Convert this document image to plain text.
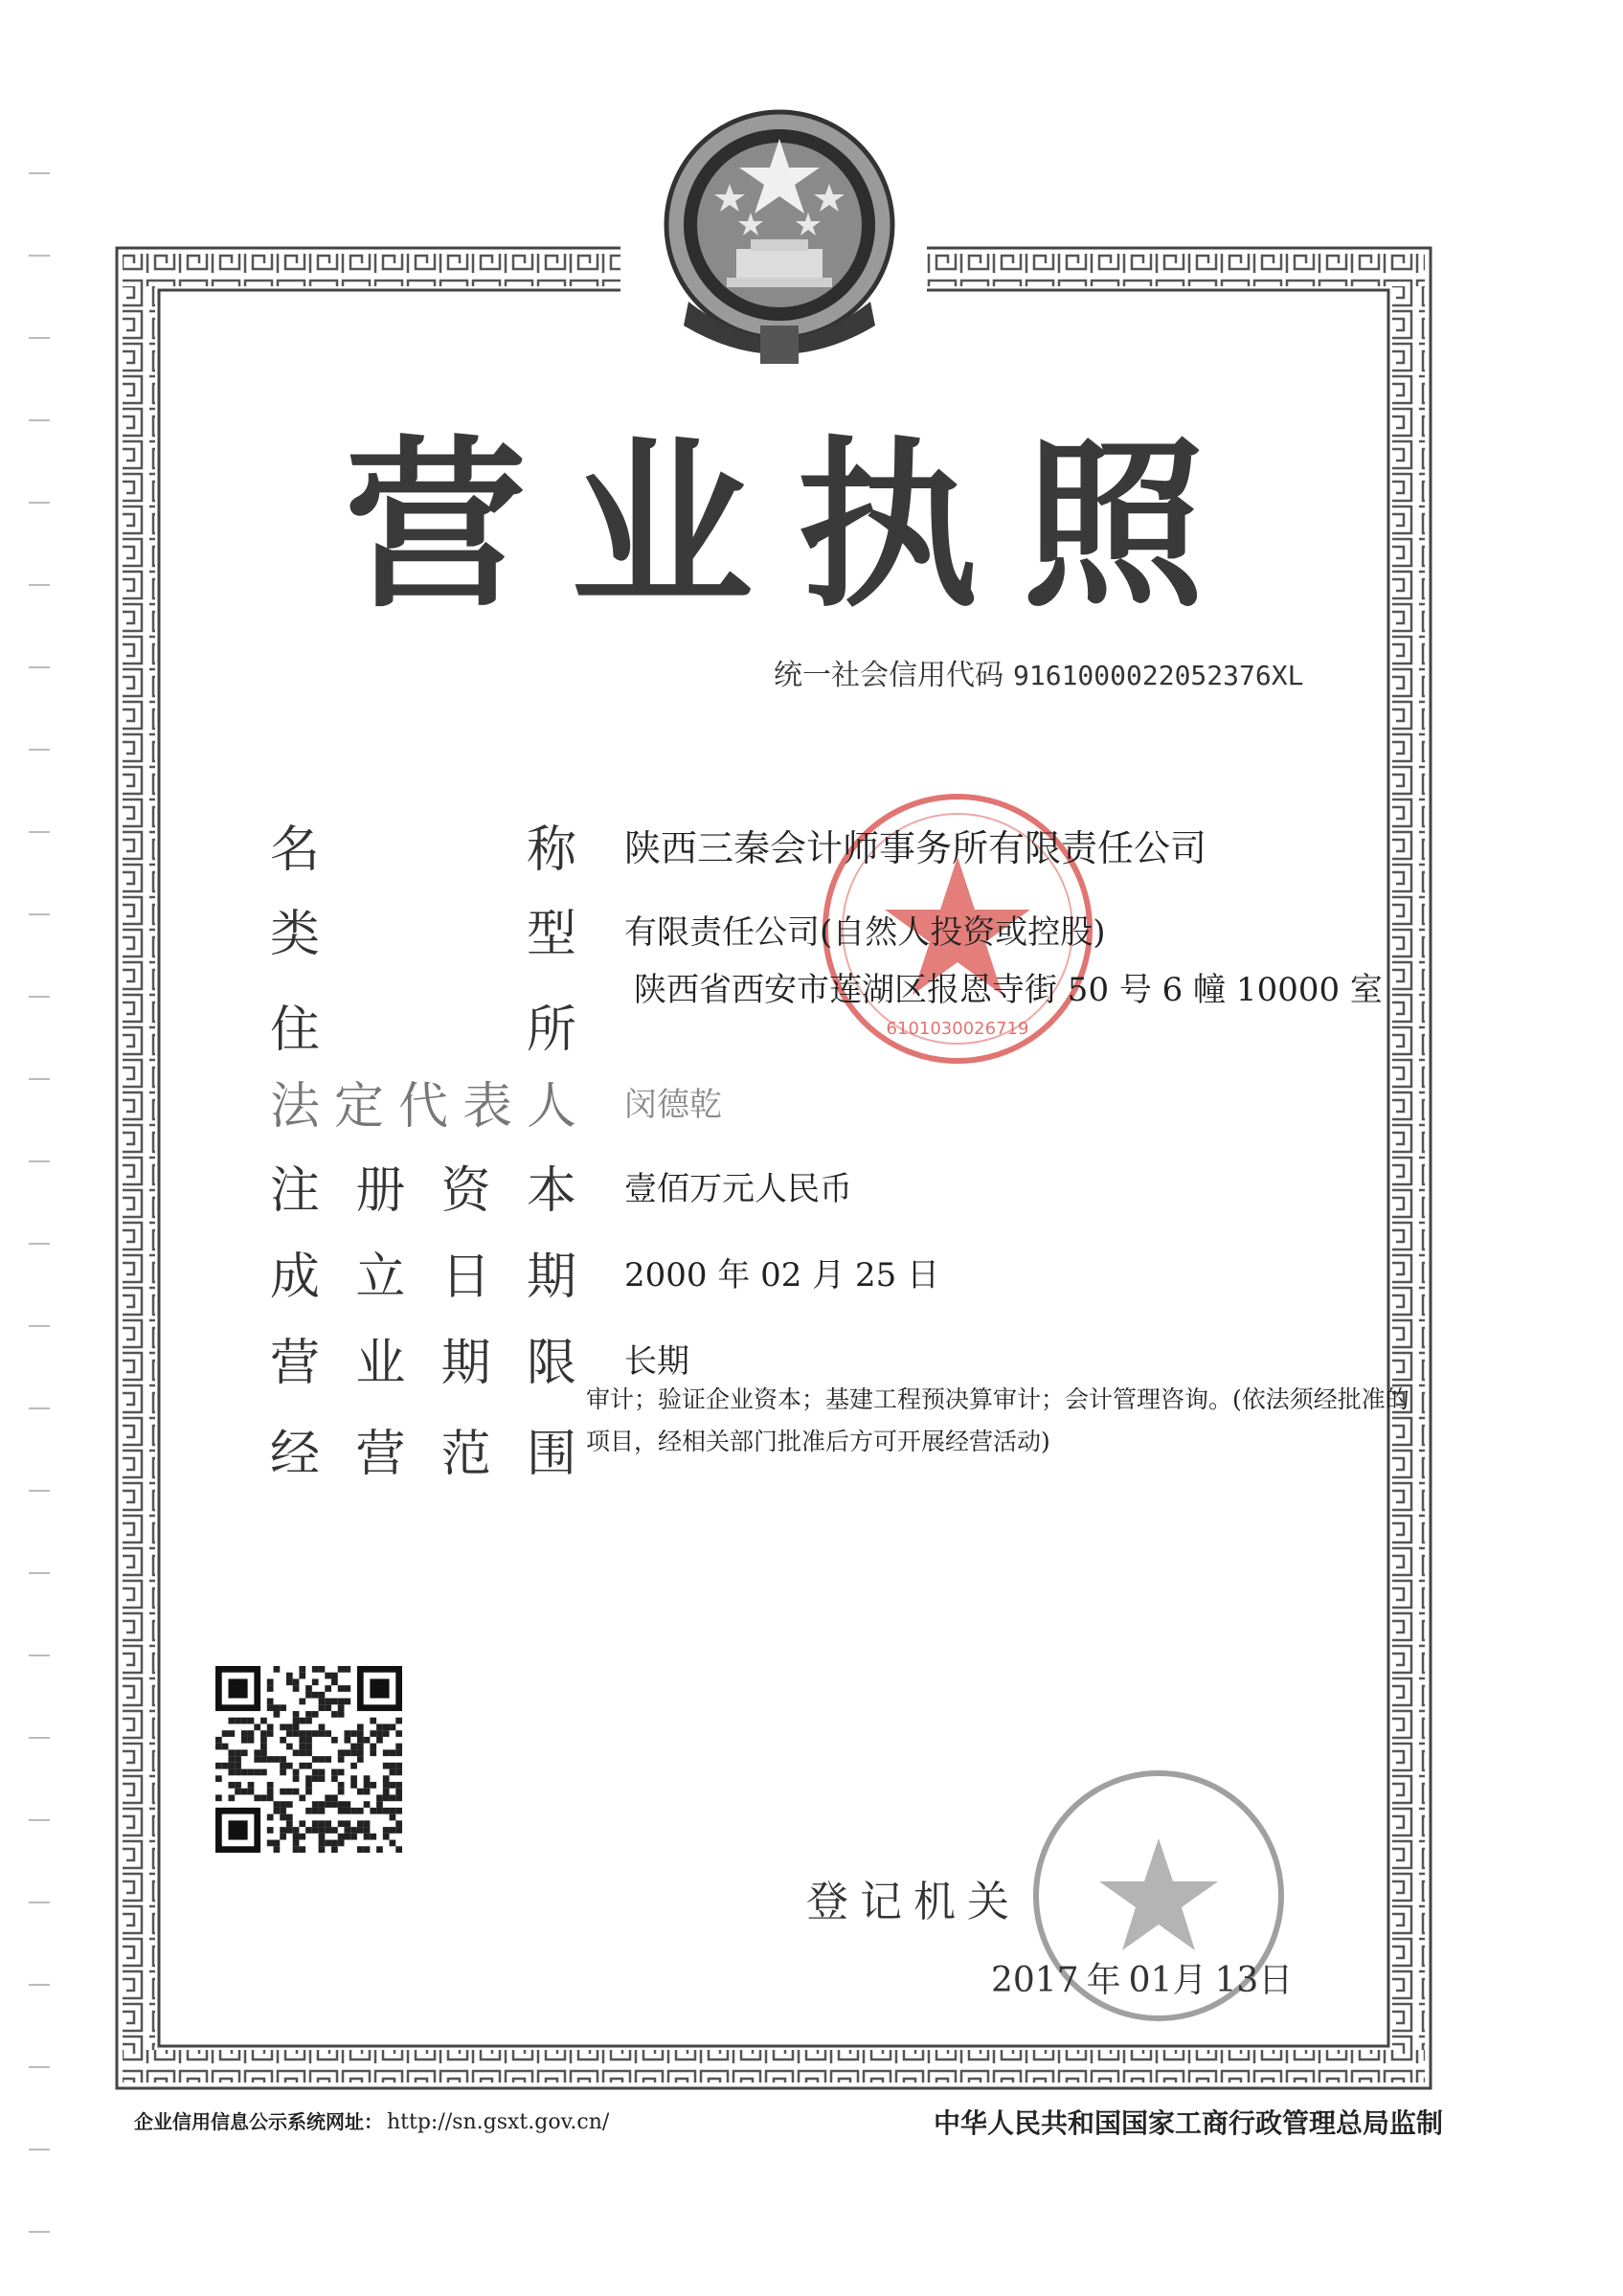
营业执照
统一社会信用代码 9161000022052376XL
6101030026719
名	称 陕西三秦会计师事务所有限责任公司
类	型 有限责任公司(自然人投资或控股)
住	所
陕西省西安市莲湖区报恩寺街 50 号 6 幢 10000 室
法 定 代 表 人 闵德乾
注 册 资 本 壹佰万元人民币
成 立 日 期 2000 年 02 月 25 日
营 业 期 限 长期
经 营 范 围
审计；验证企业资本；基建工程预决算审计；会计管理咨询。(依法须经批准的项目，经相关部门批准后方可开展经营活动)
登记机关
2017 年 01月 13日
企业信用信息公示系统网址： http://sn.gsxt.gov.cn/	中华人民共和国国家工商行政管理总局监制
